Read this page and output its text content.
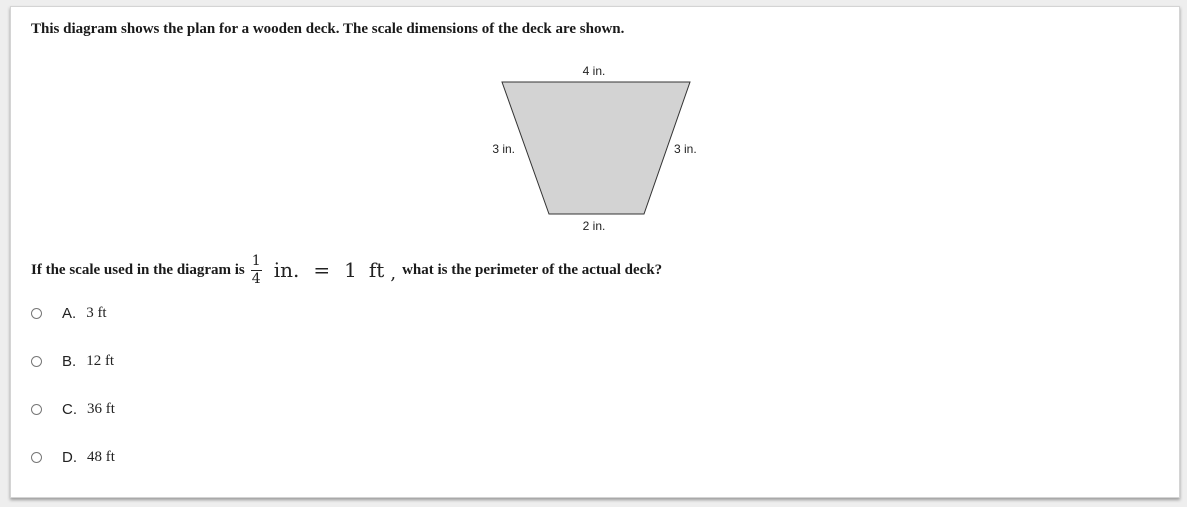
This diagram shows the plan for a wooden deck. The scale dimensions of the deck are shown.
4 in.
3 in.	3 in.
2 in.
If the scale used in the diagram is $\frac{1}{4}$ in. = 1 ft , what is the perimeter of the actual deck?
A. 3 ft
B. 12 ft
C. 36 ft
D. 48 ft
